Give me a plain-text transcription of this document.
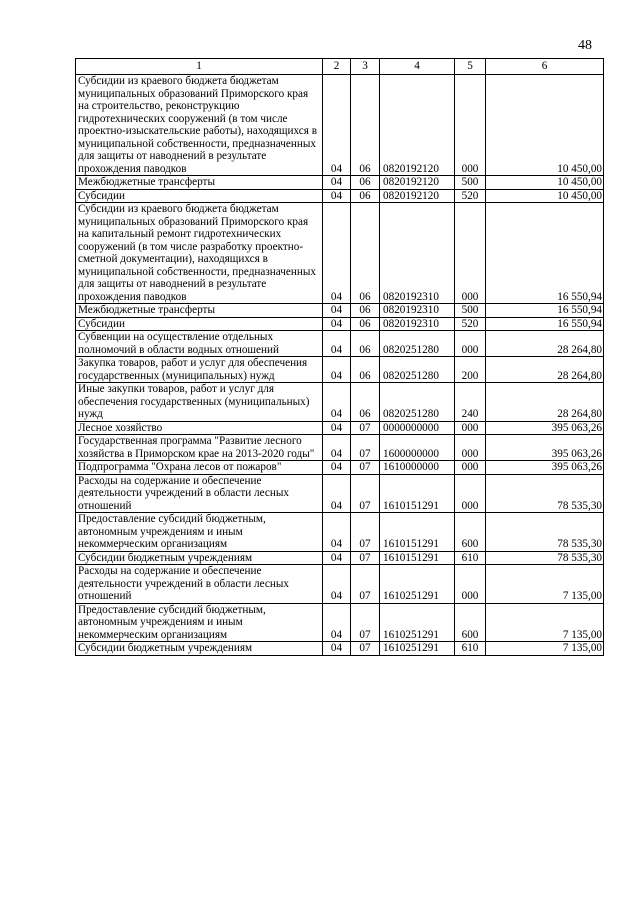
48
1	2	3	4	5	6
Субсидии из краевого бюджета бюджетам муниципальных образований Приморского края на строительство, реконструкцию гидротехнических сооружений (в том числе проектно-изыскательские работы), находящихся в муниципальной собственности, предназначенных для защиты от наводнений в результате прохождения паводков	04	06	0820192120	000	10 450,00
Межбюджетные трансферты	04	06	0820192120	500	10 450,00
Субсидии	04	06	0820192120	520	10 450,00
Субсидии из краевого бюджета бюджетам муниципальных образований Приморского края на капитальный ремонт гидротехнических сооружений (в том числе разработку проектно-сметной документации), находящихся в муниципальной собственности, предназначенных для защиты от наводнений в результате прохождения паводков	04	06	0820192310	000	16 550,94
Межбюджетные трансферты	04	06	0820192310	500	16 550,94
Субсидии	04	06	0820192310	520	16 550,94
Субвенции на осуществление отдельных полномочий в области водных отношений	04	06	0820251280	000	28 264,80
Закупка товаров, работ и услуг для обеспечения государственных (муниципальных) нужд	04	06	0820251280	200	28 264,80
Иные закупки товаров, работ и услуг для обеспечения государственных (муниципальных) нужд	04	06	0820251280	240	28 264,80
Лесное хозяйство	04	07	0000000000	000	395 063,26
Государственная программа "Развитие лесного хозяйства в Приморском крае на 2013-2020 годы"	04	07	1600000000	000	395 063,26
Подпрограмма "Охрана лесов от пожаров"	04	07	1610000000	000	395 063,26
Расходы на содержание и обеспечение деятельности учреждений в области лесных отношений	04	07	1610151291	000	78 535,30
Предоставление субсидий бюджетным, автономным учреждениям и иным некоммерческим организациям	04	07	1610151291	600	78 535,30
Субсидии бюджетным учреждениям	04	07	1610151291	610	78 535,30
Расходы на содержание и обеспечение деятельности учреждений в области лесных отношений	04	07	1610251291	000	7 135,00
Предоставление субсидий бюджетным, автономным учреждениям и иным некоммерческим организациям	04	07	1610251291	600	7 135,00
Субсидии бюджетным учреждениям	04	07	1610251291	610	7 135,00
